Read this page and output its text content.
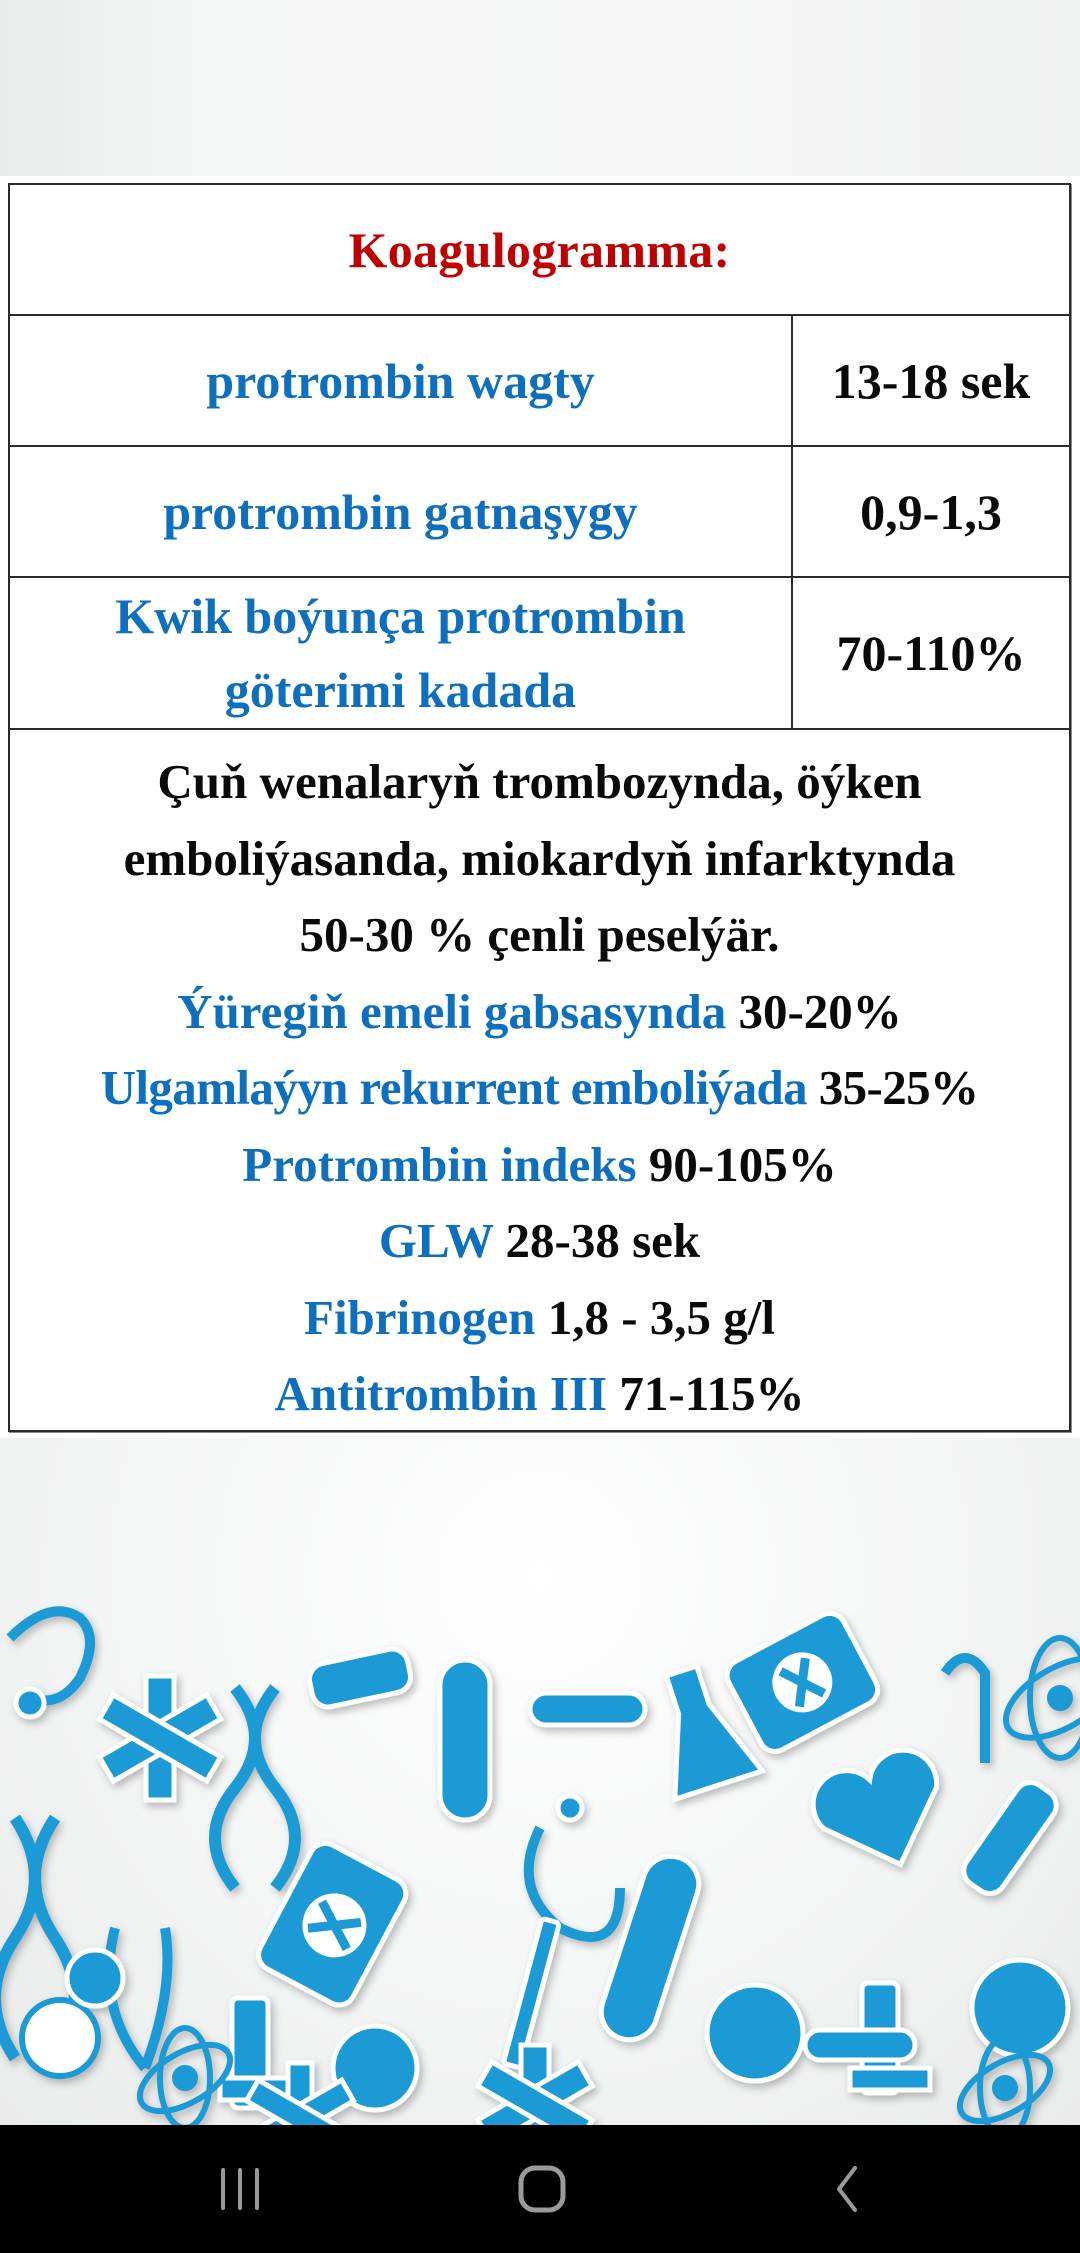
Koagulogramma:
protrombin wagty	13-18 sek
protrombin gatnaşygy	0,9-1,3
Kwik boýunça protrombin
göterimi kadada
70-110%
Çuň wenalaryň trombozynda, öýken
emboliýasanda, miokardyň infarktynda
50-30 % çenli peselýär.
Ýüregiň emeli gabsasynda 30-20%
Ulgamlaýyn rekurrent emboliýada 35-25%
Protrombin indeks 90-105%
GLW 28-38 sek
Fibrinogen 1,8 - 3,5 g/l
Antitrombin III 71-115%
